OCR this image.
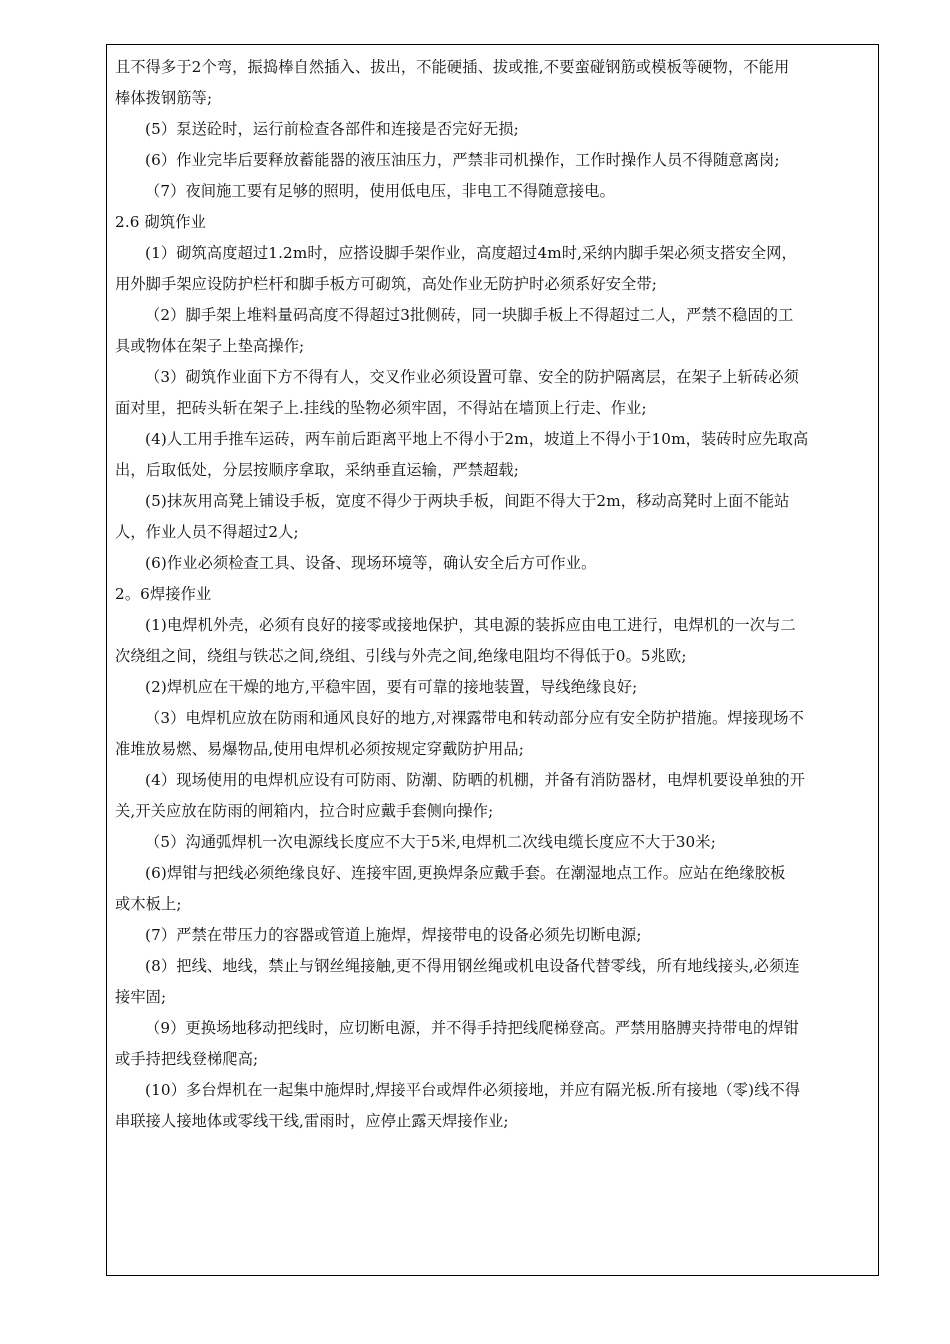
且不得多于2个弯，振捣棒自然插入、拔出，不能硬插、拔或推,不要蛮碰钢筋或模板等硬物，不能用
棒体拨钢筋等;
(5）泵送砼时，运行前检查各部件和连接是否完好无损;
(6）作业完毕后要释放蓄能器的液压油压力，严禁非司机操作，工作时操作人员不得随意离岗;
（7）夜间施工要有足够的照明，使用低电压，非电工不得随意接电。
2.6 砌筑作业
(1）砌筑高度超过1.2m时，应搭设脚手架作业，高度超过4m时,采纳内脚手架必须支搭安全网，
用外脚手架应设防护栏杆和脚手板方可砌筑，高处作业无防护时必须系好安全带;
（2）脚手架上堆料量码高度不得超过3批侧砖，同一块脚手板上不得超过二人，严禁不稳固的工
具或物体在架子上垫高操作;
（3）砌筑作业面下方不得有人，交叉作业必须设置可靠、安全的防护隔离层，在架子上斩砖必须
面对里，把砖头斩在架子上.挂线的坠物必须牢固，不得站在墙顶上行走、作业;
(4)人工用手推车运砖，两车前后距离平地上不得小于2m，坡道上不得小于10m，装砖时应先取高
出，后取低处，分层按顺序拿取，采纳垂直运输，严禁超载;
(5)抹灰用高凳上铺设手板，宽度不得少于两块手板，间距不得大于2m，移动高凳时上面不能站
人，作业人员不得超过2人;
(6)作业必须检查工具、设备、现场环境等，确认安全后方可作业。
2。6焊接作业
(1)电焊机外壳，必须有良好的接零或接地保护，其电源的装拆应由电工进行，电焊机的一次与二
次绕组之间，绕组与铁芯之间,绕组、引线与外壳之间,绝缘电阻均不得低于0。5兆欧;
(2)焊机应在干燥的地方,平稳牢固，要有可靠的接地装置，导线绝缘良好;
（3）电焊机应放在防雨和通风良好的地方,对裸露带电和转动部分应有安全防护措施。焊接现场不
准堆放易燃、易爆物品,使用电焊机必须按规定穿戴防护用品;
(4）现场使用的电焊机应设有可防雨、防潮、防晒的机棚，并备有消防器材，电焊机要设单独的开
关,开关应放在防雨的闸箱内，拉合时应戴手套侧向操作;
（5）沟通弧焊机一次电源线长度应不大于5米,电焊机二次线电缆长度应不大于30米;
(6)焊钳与把线必须绝缘良好、连接牢固,更换焊条应戴手套。在潮湿地点工作。应站在绝缘胶板
或木板上;
(7）严禁在带压力的容器或管道上施焊，焊接带电的设备必须先切断电源;
(8）把线、地线，禁止与钢丝绳接触,更不得用钢丝绳或机电设备代替零线，所有地线接头,必须连
接牢固;
（9）更换场地移动把线时，应切断电源，并不得手持把线爬梯登高。严禁用胳膊夹持带电的焊钳
或手持把线登梯爬高;
(10）多台焊机在一起集中施焊时,焊接平台或焊件必须接地，并应有隔光板.所有接地（零)线不得
串联接人接地体或零线干线,雷雨时，应停止露天焊接作业;
